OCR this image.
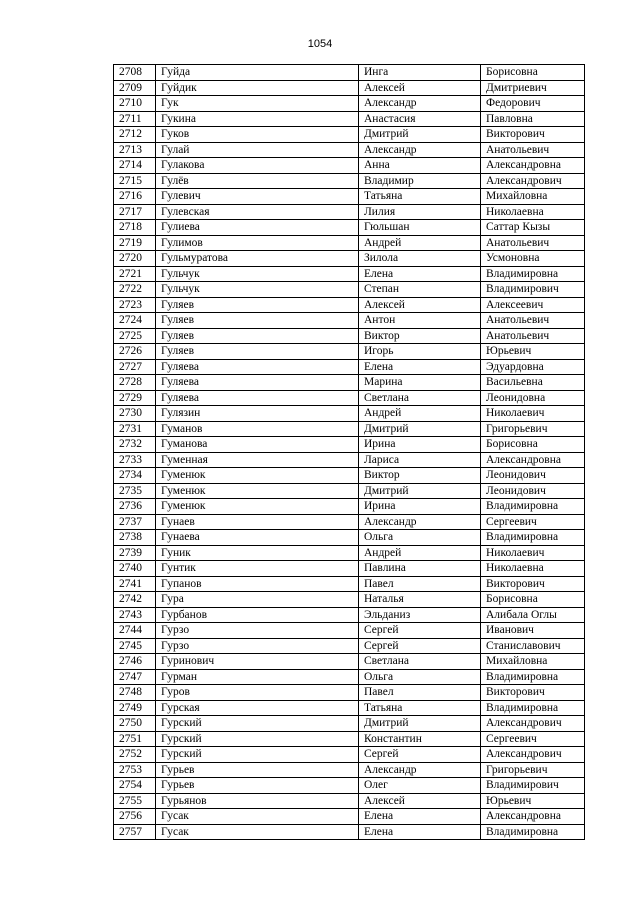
1054
2708	Гуйда	Инга	Борисовна
2709	Гуйдик	Алексей	Дмитриевич
2710	Гук	Александр	Федорович
2711	Гукина	Анастасия	Павловна
2712	Гуков	Дмитрий	Викторович
2713	Гулай	Александр	Анатольевич
2714	Гулакова	Анна	Александровна
2715	Гулёв	Владимир	Александрович
2716	Гулевич	Татьяна	Михайловна
2717	Гулевская	Лилия	Николаевна
2718	Гулиева	Гюльшан	Саттар Кызы
2719	Гулимов	Андрей	Анатольевич
2720	Гульмуратова	Зилола	Усмоновна
2721	Гульчук	Елена	Владимировна
2722	Гульчук	Степан	Владимирович
2723	Гуляев	Алексей	Алексеевич
2724	Гуляев	Антон	Анатольевич
2725	Гуляев	Виктор	Анатольевич
2726	Гуляев	Игорь	Юрьевич
2727	Гуляева	Елена	Эдуардовна
2728	Гуляева	Марина	Васильевна
2729	Гуляева	Светлана	Леонидовна
2730	Гулязин	Андрей	Николаевич
2731	Гуманов	Дмитрий	Григорьевич
2732	Гуманова	Ирина	Борисовна
2733	Гуменная	Лариса	Александровна
2734	Гуменюк	Виктор	Леонидович
2735	Гуменюк	Дмитрий	Леонидович
2736	Гуменюк	Ирина	Владимировна
2737	Гунаев	Александр	Сергеевич
2738	Гунаева	Ольга	Владимировна
2739	Гуник	Андрей	Николаевич
2740	Гунтик	Павлина	Николаевна
2741	Гупанов	Павел	Викторович
2742	Гура	Наталья	Борисовна
2743	Гурбанов	Эльданиз	Алибала Оглы
2744	Гурзо	Сергей	Иванович
2745	Гурзо	Сергей	Станиславович
2746	Гуринович	Светлана	Михайловна
2747	Гурман	Ольга	Владимировна
2748	Гуров	Павел	Викторович
2749	Гурская	Татьяна	Владимировна
2750	Гурский	Дмитрий	Александрович
2751	Гурский	Константин	Сергеевич
2752	Гурский	Сергей	Александрович
2753	Гурьев	Александр	Григорьевич
2754	Гурьев	Олег	Владимирович
2755	Гурьянов	Алексей	Юрьевич
2756	Гусак	Елена	Александровна
2757	Гусак	Елена	Владимировна
